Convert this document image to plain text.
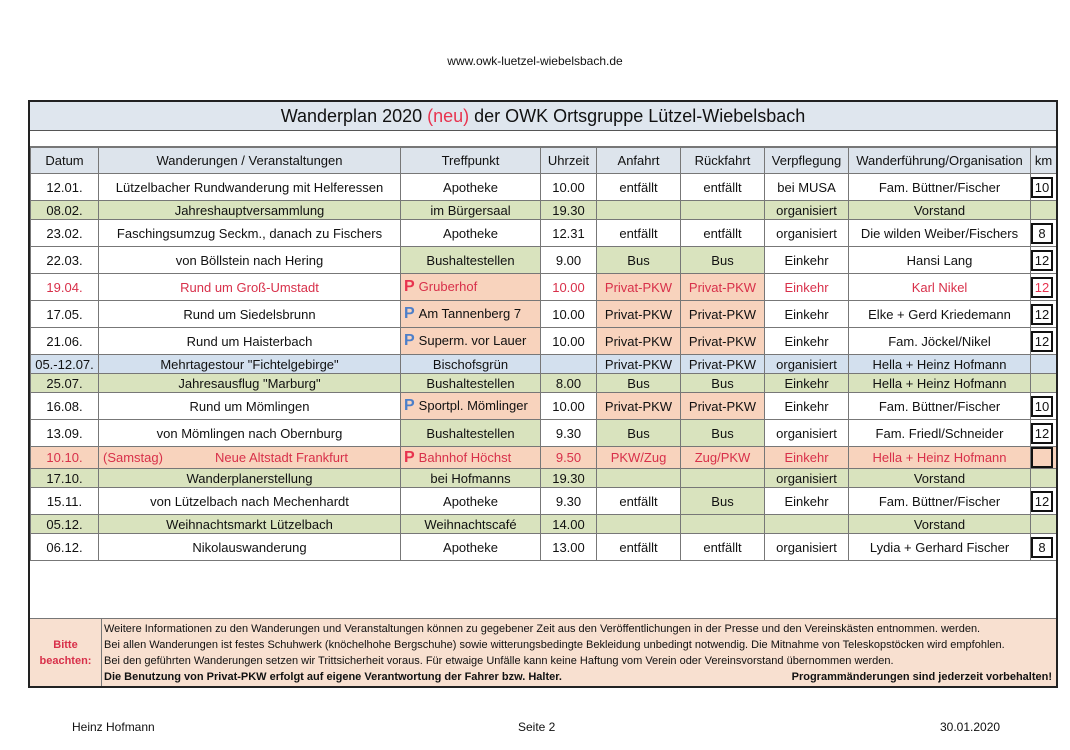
www.owk-luetzel-wiebelsbach.de
Wanderplan 2020 (neu) der OWK Ortsgruppe Lützel-Wiebelsbach
Datum	Wanderungen / Veranstaltungen	Treffpunkt	Uhrzeit	Anfahrt	Rückfahrt	Verpflegung	Wanderführung/Organisation	km
12.01.	Lützelbacher Rundwanderung mit Helferessen	Apotheke	10.00	entfällt	entfällt	bei MUSA	Fam. Büttner/Fischer	10

08.02.	Jahreshauptversammlung	im Bürgersaal	19.30			organisiert	Vorstand	
23.02.	Faschingsumzug Seckm., danach zu Fischers	Apotheke	12.31	entfällt	entfällt	organisiert	Die wilden Weiber/Fischers	8

22.03.	von Böllstein nach Hering	Bushaltestellen	9.00	Bus	Bus	Einkehr	Hansi Lang	12

19.04.	Rund um Groß-Umstadt	P Gruberhof	10.00	Privat-PKW	Privat-PKW	Einkehr	Karl Nikel	12

17.05.	Rund um Siedelsbrunn	P Am Tannenberg 7	10.00	Privat-PKW	Privat-PKW	Einkehr	Elke + Gerd Kriedemann	12

21.06.	Rund um Haisterbach	P Superm. vor Lauer	10.00	Privat-PKW	Privat-PKW	Einkehr	Fam. Jöckel/Nikel	12

05.-12.07.	Mehrtagestour "Fichtelgebirge"	Bischofsgrün		Privat-PKW	Privat-PKW	organisiert	Hella + Heinz Hofmann	
25.07.	Jahresausflug "Marburg"	Bushaltestellen	8.00	Bus	Bus	Einkehr	Hella + Heinz Hofmann	
16.08.	Rund um Mömlingen	P Sportpl. Mömlinger	10.00	Privat-PKW	Privat-PKW	Einkehr	Fam. Büttner/Fischer	10

13.09.	von Mömlingen nach Obernburg	Bushaltestellen	9.30	Bus	Bus	organisiert	Fam. Friedl/Schneider	12

10.10.	(Samstag) Neue Altstadt Frankfurt	P Bahnhof Höchst	9.50	PKW/Zug	Zug/PKW	Einkehr	Hella + Heinz Hofmann	

17.10.	Wanderplanerstellung	bei Hofmanns	19.30			organisiert	Vorstand	
15.11.	von Lützelbach nach Mechenhardt	Apotheke	9.30	entfällt	Bus	Einkehr	Fam. Büttner/Fischer	12

05.12.	Weihnachtsmarkt Lützelbach	Weihnachtscafé	14.00				Vorstand	
06.12.	Nikolauswanderung	Apotheke	13.00	entfällt	entfällt	organisiert	Lydia + Gerhard Fischer	8
Bitte
beachten:
Weitere Informationen zu den Wanderungen und Veranstaltungen können zu gegebener Zeit aus den Veröffentlichungen in der Presse und den Vereinskästen entnommen. werden.
Bei allen Wanderungen ist festes Schuhwerk (knöchelhohe Bergschuhe) sowie witterungsbedingte Bekleidung unbedingt notwendig. Die Mitnahme von Teleskopstöcken wird empfohlen.
Bei den geführten Wanderungen setzen wir Trittsicherheit voraus. Für etwaige Unfälle kann keine Haftung vom Verein oder Vereinsvorstand übernommen werden.
Die Benutzung von Privat-PKW erfolgt auf eigene Verantwortung der Fahrer bzw. Halter.	Programmänderungen sind jederzeit vorbehalten!
Heinz Hofmann	Seite 2	30.01.2020
